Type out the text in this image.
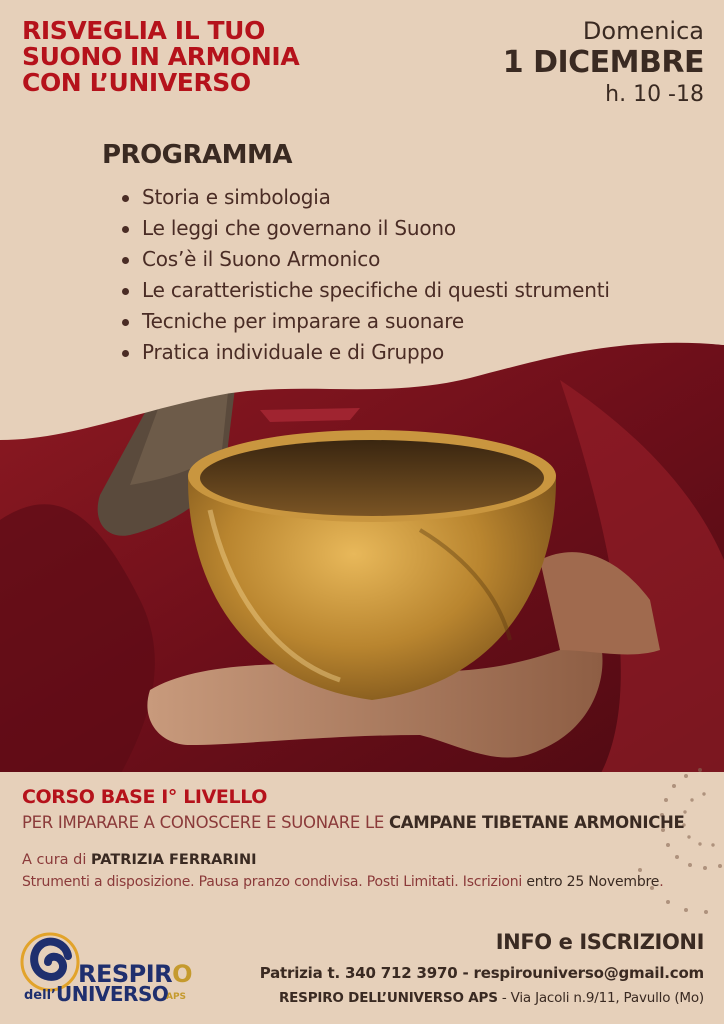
RISVEGLIA IL TUO
SUONO IN ARMONIA
CON L’UNIVERSO
Domenica
1 DICEMBRE
h. 10 -18
PROGRAMMA
Storia e simbologia
Le leggi che governano il Suono
Cos’è il Suono Armonico
Le caratteristiche specifiche di questi strumenti
Tecniche per imparare a suonare
Pratica individuale e di Gruppo
CORSO BASE I° LIVELLO
PER IMPARARE A CONOSCERE E SUONARE LE CAMPANE TIBETANE ARMONICHE
A cura di PATRIZIA FERRARINI
Strumenti a disposizione. Pausa pranzo condivisa. Posti Limitati. Iscrizioni entro 25 Novembre.
RESPIRO
dell’ UNIVERSO
APS
INFO e ISCRIZIONI
Patrizia t. 340 712 3970 - respirouniverso@gmail.com
RESPIRO DELL’UNIVERSO APS - Via Jacoli n.9/11, Pavullo (Mo)
